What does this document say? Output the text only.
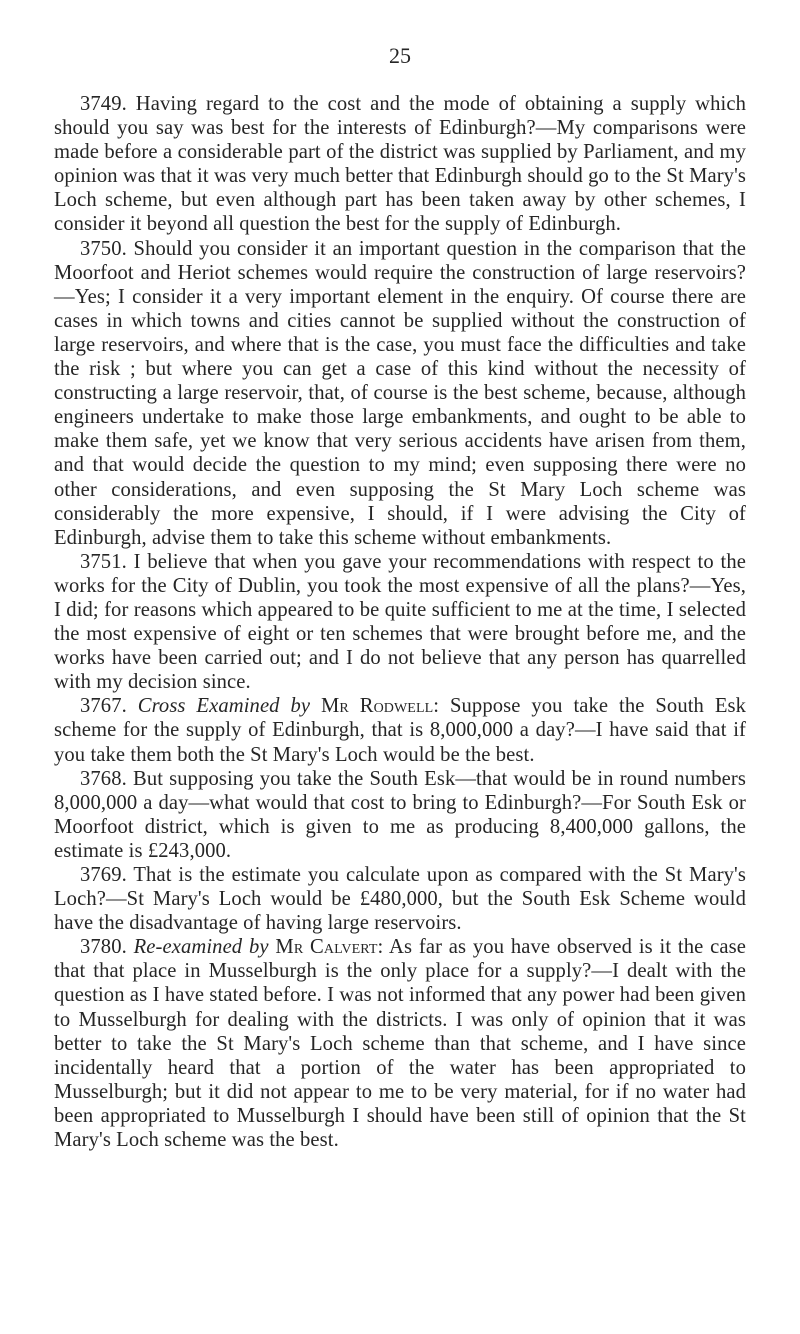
25

3749. Having regard to the cost and the mode of obtaining a supply which should you say was best for the interests of Edinburgh?—My comparisons were made before a considerable part of the district was supplied by Parliament, and my opinion was that it was very much better that Edinburgh should go to the St Mary's Loch scheme, but even although part has been taken away by other schemes, I consider it beyond all question the best for the supply of Edinburgh.

3750. Should you consider it an important question in the comparison that the Moorfoot and Heriot schemes would require the construction of large reservoirs?—Yes; I consider it a very important element in the enquiry. Of course there are cases in which towns and cities cannot be supplied without the construction of large reservoirs, and where that is the case, you must face the difficulties and take the risk ; but where you can get a case of this kind without the necessity of constructing a large reservoir, that, of course is the best scheme, because, although engineers undertake to make those large embankments, and ought to be able to make them safe, yet we know that very serious accidents have arisen from them, and that would decide the question to my mind; even supposing there were no other considerations, and even supposing the St Mary Loch scheme was considerably the more expensive, I should, if I were advising the City of Edinburgh, advise them to take this scheme without embankments.

3751. I believe that when you gave your recommendations with respect to the works for the City of Dublin, you took the most expensive of all the plans?—Yes, I did; for reasons which appeared to be quite sufficient to me at the time, I selected the most expensive of eight or ten schemes that were brought before me, and the works have been carried out; and I do not believe that any person has quarrelled with my decision since.

3767. Cross Examined by Mr Rodwell: Suppose you take the South Esk scheme for the supply of Edinburgh, that is 8,000,000 a day?—I have said that if you take them both the St Mary's Loch would be the best.

3768. But supposing you take the South Esk—that would be in round numbers 8,000,000 a day—what would that cost to bring to Edinburgh?—For South Esk or Moorfoot district, which is given to me as producing 8,400,000 gallons, the estimate is £243,000.

3769. That is the estimate you calculate upon as compared with the St Mary's Loch?—St Mary's Loch would be £480,000, but the South Esk Scheme would have the disadvantage of having large reservoirs.

3780. Re-examined by Mr Calvert: As far as you have observed is it the case that that place in Musselburgh is the only place for a supply?—I dealt with the question as I have stated before. I was not informed that any power had been given to Musselburgh for dealing with the districts. I was only of opinion that it was better to take the St Mary's Loch scheme than that scheme, and I have since incidentally heard that a portion of the water has been appropriated to Musselburgh; but it did not appear to me to be very material, for if no water had been appropriated to Musselburgh I should have been still of opinion that the St Mary's Loch scheme was the best.
